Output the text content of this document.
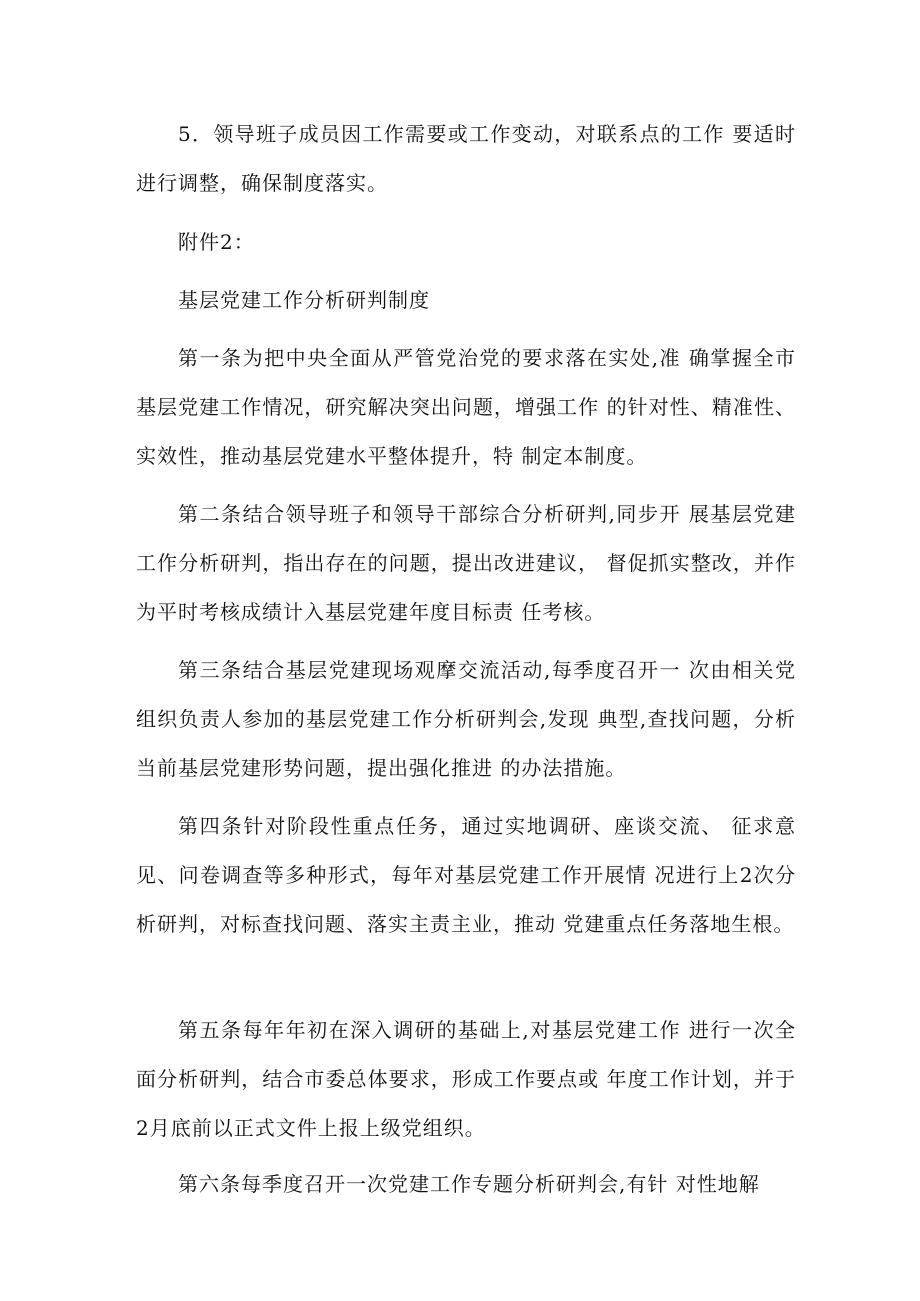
5．领导班子成员因工作需要或工作变动，对联系点的工作 要适时进行调整，确保制度落实。

附件2：

基层党建工作分析研判制度

第一条为把中央全面从严管党治党的要求落在实处,准 确掌握全市基层党建工作情况，研究解决突出问题，增强工作 的针对性、精准性、实效性，推动基层党建水平整体提升，特 制定本制度。

第二条结合领导班子和领导干部综合分析研判,同步开 展基层党建工作分析研判，指出存在的问题，提出改进建议， 督促抓实整改，并作为平时考核成绩计入基层党建年度目标责 任考核。

第三条结合基层党建现场观摩交流活动,每季度召开一 次由相关党组织负责人参加的基层党建工作分析研判会,发现 典型,查找问题，分析当前基层党建形势问题，提出强化推进 的办法措施。

第四条针对阶段性重点任务，通过实地调研、座谈交流、 征求意见、问卷调查等多种形式，每年对基层党建工作开展情 况进行上2次分析研判，对标查找问题、落实主责主业，推动 党建重点任务落地生根。

第五条每年年初在深入调研的基础上,对基层党建工作 进行一次全面分析研判，结合市委总体要求，形成工作要点或 年度工作计划，并于2月底前以正式文件上报上级党组织。

第六条每季度召开一次党建工作专题分析研判会,有针 对性地解
